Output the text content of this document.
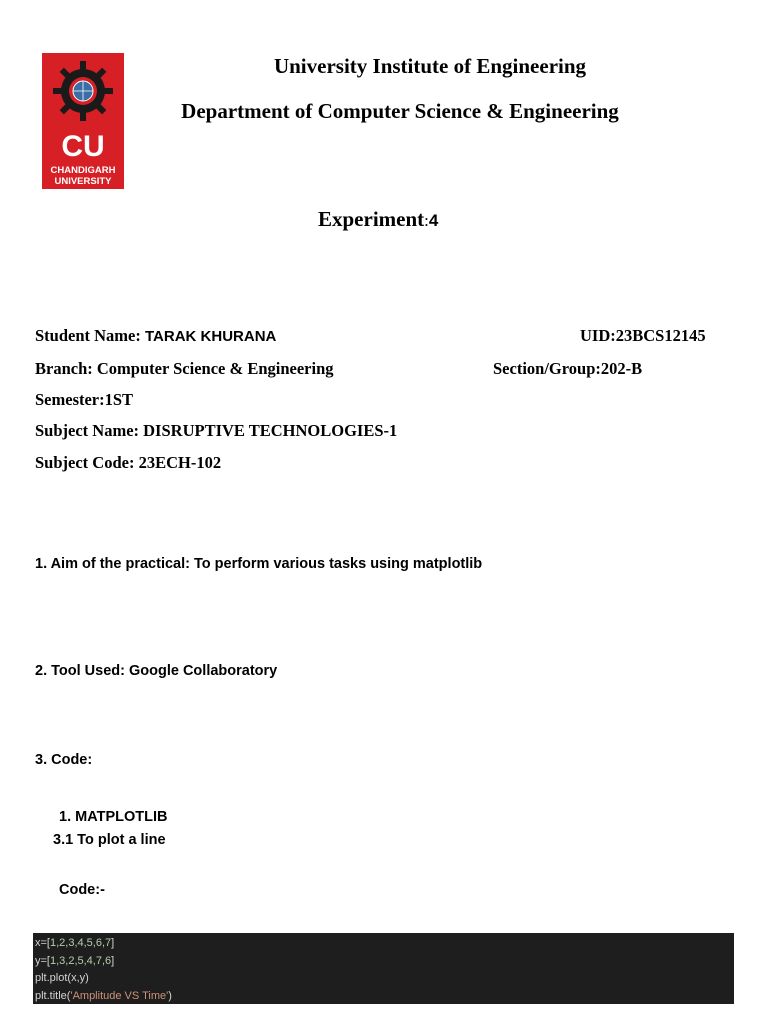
CU
CHANDIGARH
UNIVERSITY
University Institute of Engineering
Department of Computer Science & Engineering
Experiment:4
Student Name: TARAK KHURANA	UID:23BCS12145
Branch: Computer Science & Engineering	Section/Group:202-B
Semester:1ST
Subject Name: DISRUPTIVE TECHNOLOGIES-1
Subject Code: 23ECH-102
1. Aim of the practical: To perform various tasks using matplotlib
2. Tool Used: Google Collaboratory
3. Code:
1. MATPLOTLIB
3.1 To plot a line
Code:-
x=[1,2,3,4,5,6,7]
y=[1,3,2,5,4,7,6]
plt.plot(x,y)
plt.title('Amplitude VS Time')
